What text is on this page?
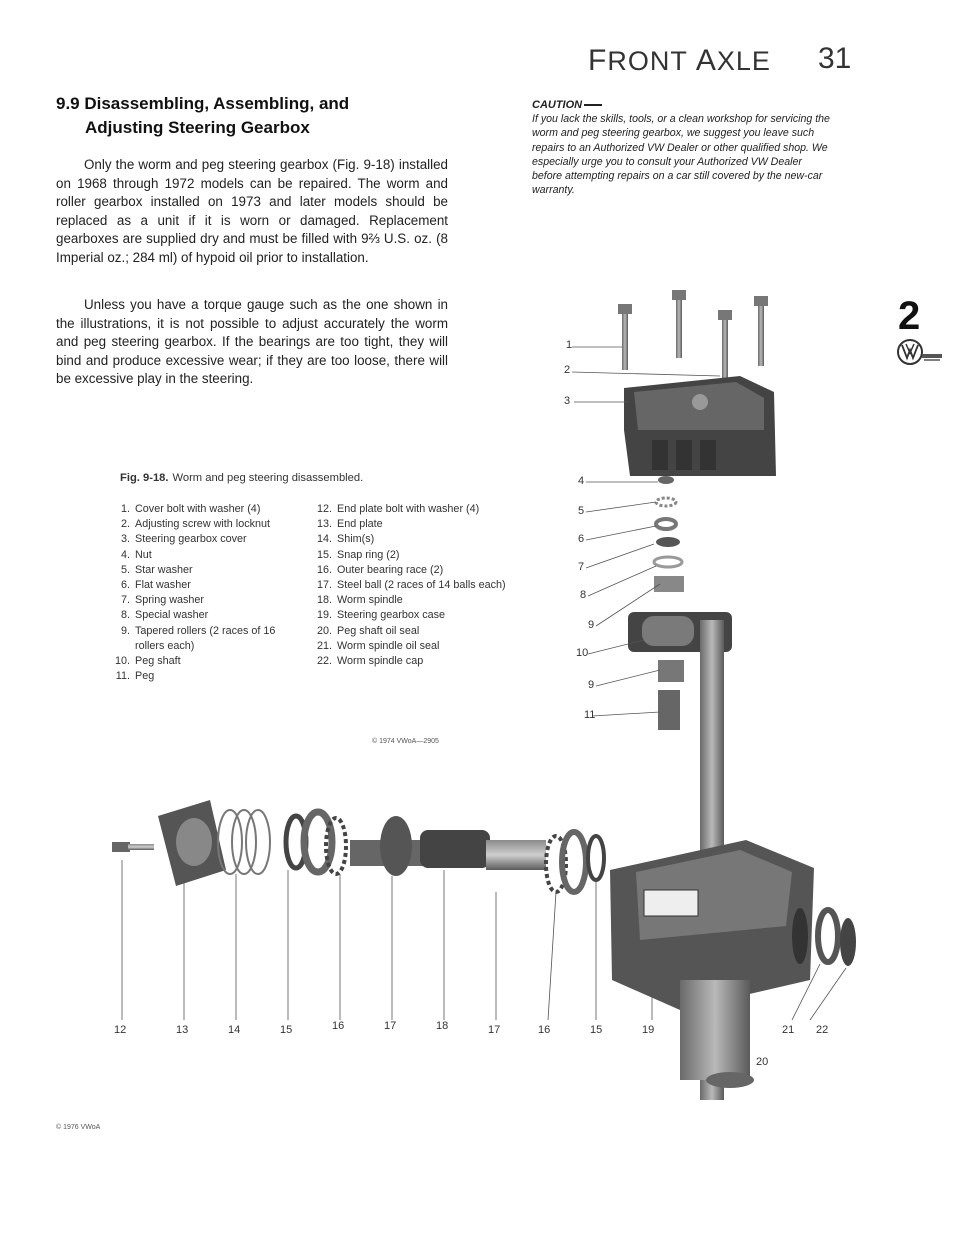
FRONT AXLE 31
9.9 Disassembling, Assembling, and
Adjusting Steering Gearbox

Only the worm and peg steering gearbox (Fig. 9-18) installed on 1968 through 1972 models can be repaired. The worm and roller gearbox installed on 1973 and later models should be replaced as a unit if it is worn or damaged. Replacement gearboxes are supplied dry and must be filled with 9⅔ U.S. oz. (8 Imperial oz.; 284 ml) of hypoid oil prior to installation.

Unless you have a torque gauge such as the one shown in the illustrations, it is not possible to adjust accurately the worm and peg steering gearbox. If the bearings are too tight, they will bind and produce excessive wear; if they are too loose, there will be excessive play in the steering.

CAUTION
If you lack the skills, tools, or a clean workshop for servicing the worm and peg steering gearbox, we suggest you leave such repairs to an Authorized VW Dealer or other qualified shop. We especially urge you to consult your Authorized VW Dealer before attempting repairs on a car still covered by the new-car warranty.
Fig. 9-18. Worm and peg steering disassembled.
1. Cover bolt with washer (4)
2. Adjusting screw with locknut
3. Steering gearbox cover
4. Nut
5. Star washer
6. Flat washer
7. Spring washer
8. Special washer
9. Tapered rollers (2 races of 16 rollers each)
10. Peg shaft
11. Peg
12. End plate bolt with washer (4)
13. End plate
14. Shim(s)
15. Snap ring (2)
16. Outer bearing race (2)
17. Steel ball (2 races of 14 balls each)
18. Worm spindle
19. Steering gearbox case
20. Peg shaft oil seal
21. Worm spindle oil seal
22. Worm spindle cap
© 1974 VWoA—2905
© 1976 VWoA
2
1
2
3
4
5
6
7
8
9
10
9
11
12	13	14	15	16	17	18	17	16	15	19	21 22
20
